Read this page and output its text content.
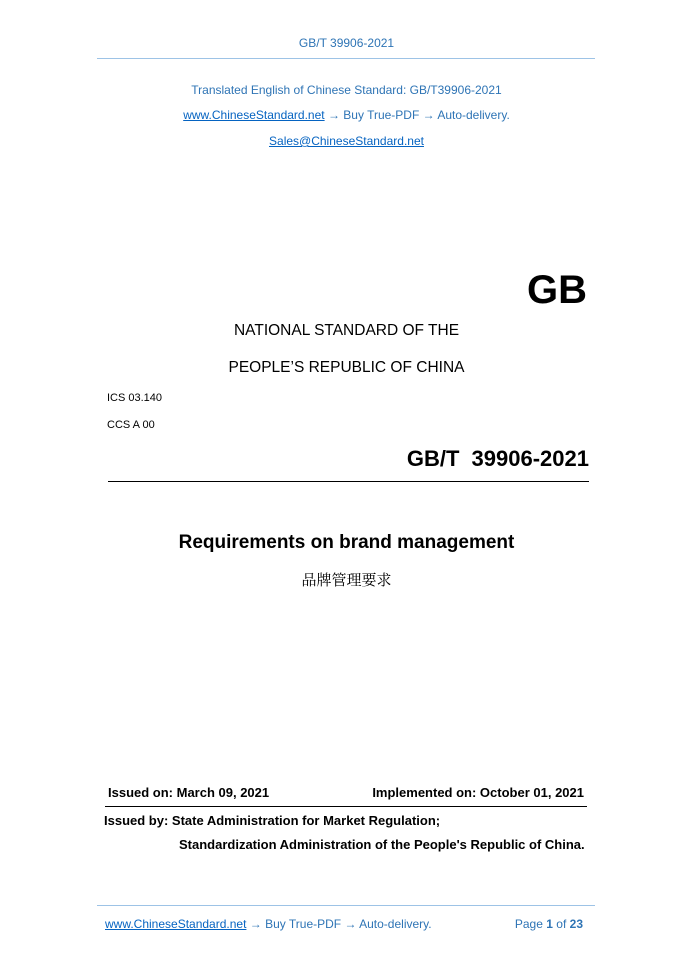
GB/T 39906-2021
Translated English of Chinese Standard: GB/T39906-2021
www.ChineseStandard.net → Buy True-PDF → Auto-delivery.
Sales@ChineseStandard.net
GB
NATIONAL STANDARD OF THE
PEOPLE’S REPUBLIC OF CHINA
ICS 03.140
CCS A 00
GB/T 39906-2021
Requirements on brand management
品牌管理要求
Issued on: March 09, 2021	Implemented on: October 01, 2021
Issued by: State Administration for Market Regulation;
Standardization Administration of the People's Republic of China.
www.ChineseStandard.net → Buy True-PDF → Auto-delivery.	Page 1 of 23
